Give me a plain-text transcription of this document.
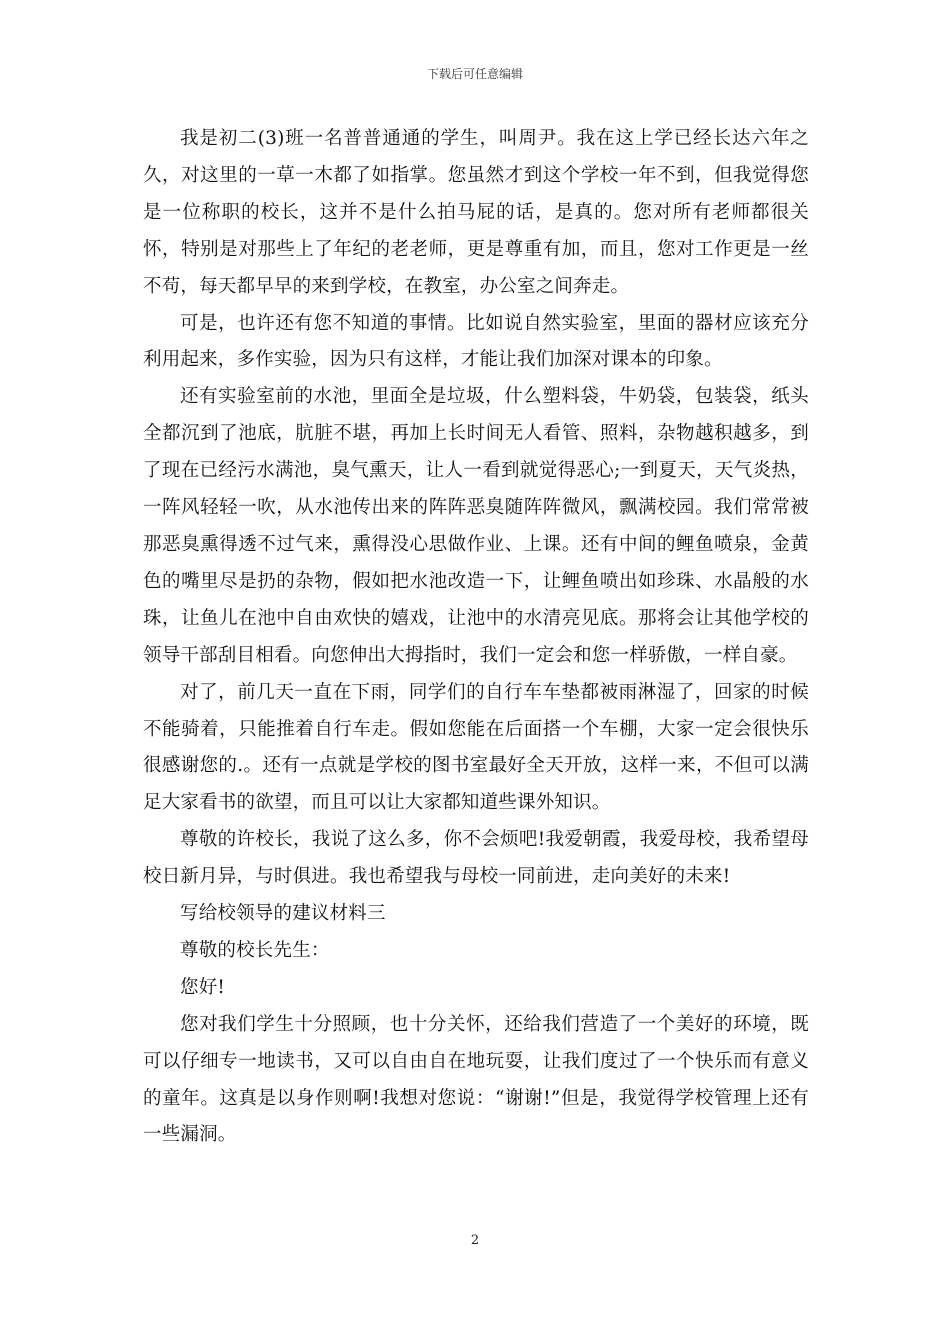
下载后可任意编辑

我是初二(3)班一名普普通通的学生，叫周尹。我在这上学已经长达六年之久，对这里的一草一木都了如指掌。您虽然才到这个学校一年不到，但我觉得您是一位称职的校长，这并不是什么拍马屁的话，是真的。您对所有老师都很关怀，特别是对那些上了年纪的老老师，更是尊重有加，而且，您对工作更是一丝不苟，每天都早早的来到学校，在教室，办公室之间奔走。

可是，也许还有您不知道的事情。比如说自然实验室，里面的器材应该充分利用起来，多作实验，因为只有这样，才能让我们加深对课本的印象。

还有实验室前的水池，里面全是垃圾，什么塑料袋，牛奶袋，包装袋，纸头全都沉到了池底，肮脏不堪，再加上长时间无人看管、照料，杂物越积越多，到了现在已经污水满池，臭气熏天，让人一看到就觉得恶心;一到夏天，天气炎热，一阵风轻轻一吹，从水池传出来的阵阵恶臭随阵阵微风，飘满校园。我们常常被那恶臭熏得透不过气来，熏得没心思做作业、上课。还有中间的鲤鱼喷泉，金黄色的嘴里尽是扔的杂物，假如把水池改造一下，让鲤鱼喷出如珍珠、水晶般的水珠，让鱼儿在池中自由欢快的嬉戏，让池中的水清亮见底。那将会让其他学校的领导干部刮目相看。向您伸出大拇指时，我们一定会和您一样骄傲，一样自豪。

对了，前几天一直在下雨，同学们的自行车车垫都被雨淋湿了，回家的时候不能骑着，只能推着自行车走。假如您能在后面搭一个车棚，大家一定会很快乐很感谢您的.。还有一点就是学校的图书室最好全天开放，这样一来，不但可以满足大家看书的欲望，而且可以让大家都知道些课外知识。

尊敬的许校长，我说了这么多，你不会烦吧!我爱朝霞，我爱母校，我希望母校日新月异，与时俱进。我也希望我与母校一同前进，走向美好的未来!

写给校领导的建议材料三

尊敬的校长先生：

您好!

您对我们学生十分照顾，也十分关怀，还给我们营造了一个美好的环境，既可以仔细专一地读书，又可以自由自在地玩耍，让我们度过了一个快乐而有意义的童年。这真是以身作则啊!我想对您说：“谢谢!”但是，我觉得学校管理上还有一些漏洞。

2
